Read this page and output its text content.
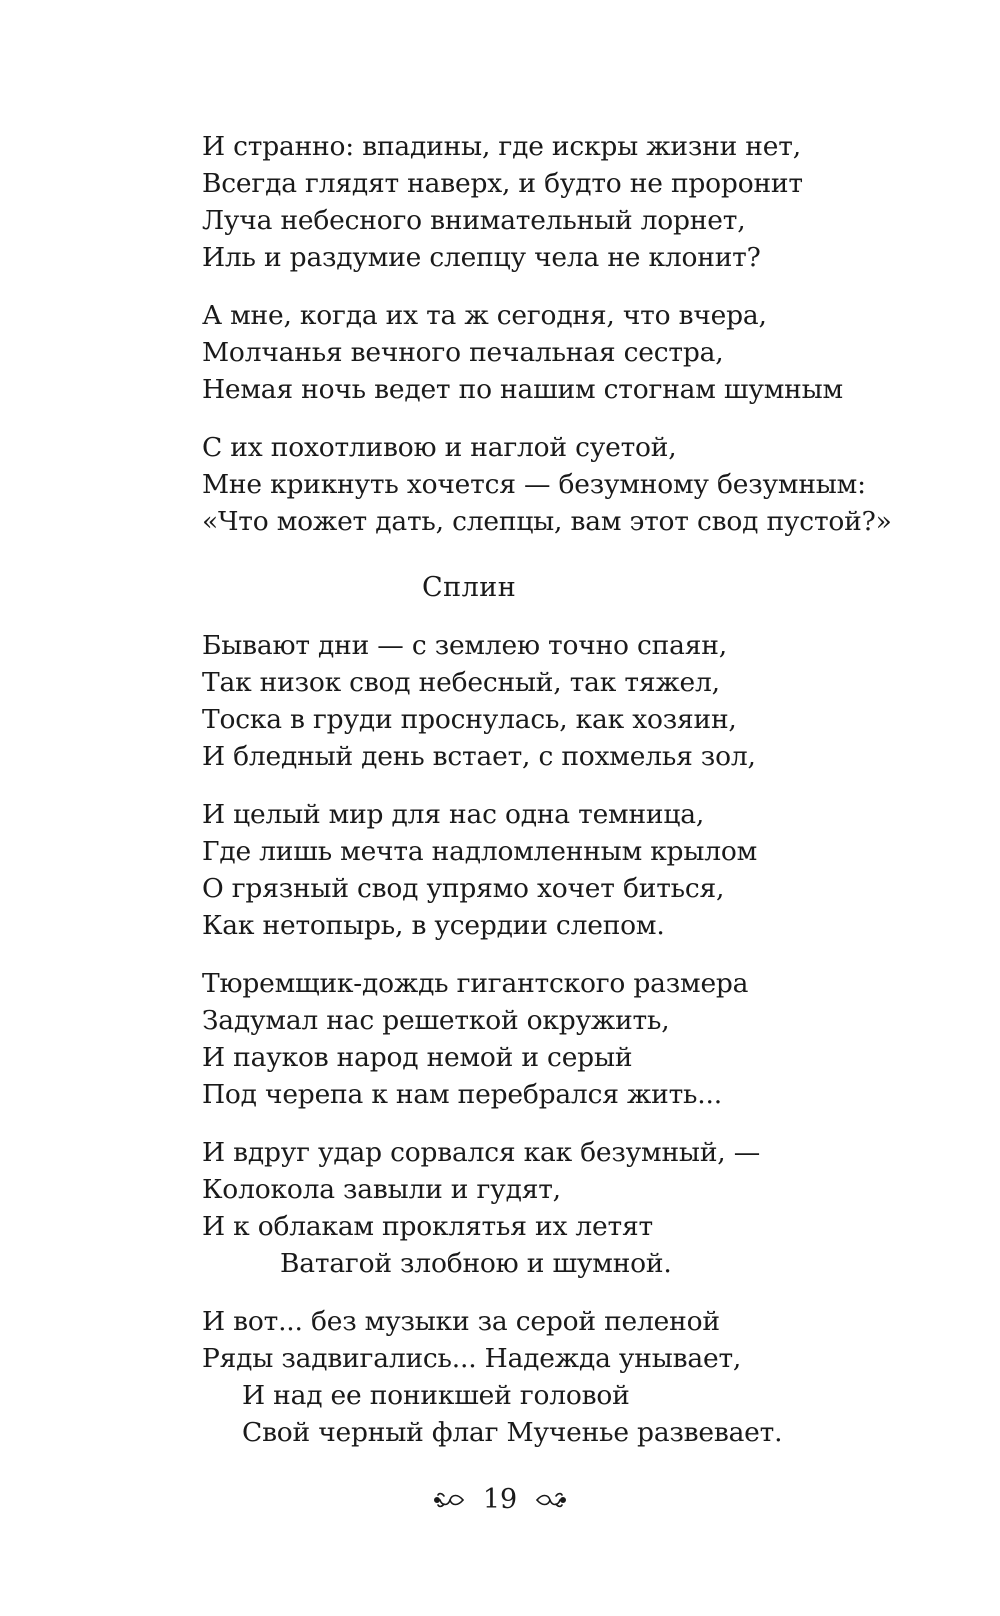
И странно: впадины, где искры жизни нет,
Всегда глядят наверх, и будто не проронит
Луча небесного внимательный лорнет,
Иль и раздумие слепцу чела не клонит?
А мне, когда их та ж сегодня, что вчера,
Молчанья вечного печальная сестра,
Немая ночь ведет по нашим стогнам шумным
С их похотливою и наглой суетой,
Мне крикнуть хочется — безумному безумным:
«Что может дать, слепцы, вам этот свод пустой?»
Сплин
Бывают дни — с землею точно спаян,
Так низок свод небесный, так тяжел,
Тоска в груди проснулась, как хозяин,
И бледный день встает, с похмелья зол,
И целый мир для нас одна темница,
Где лишь мечта надломленным крылом
О грязный свод упрямо хочет биться,
Как нетопырь, в усердии слепом.
Тюремщик-дождь гигантского размера
Задумал нас решеткой окружить,
И пауков народ немой и серый
Под черепа к нам перебрался жить...
И вдруг удар сорвался как безумный, —
Колокола завыли и гудят,
И к облакам проклятья их летят
Ватагой злобною и шумной.
И вот... без музыки за серой пеленой
Ряды задвигались... Надежда унывает,
И над ее поникшей головой
Свой черный флаг Мученье развевает.
19
